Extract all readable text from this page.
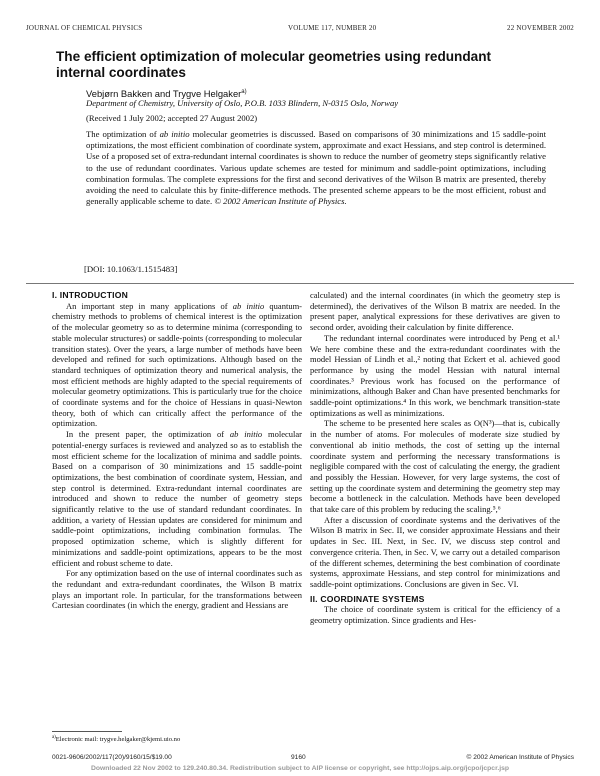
JOURNAL OF CHEMICAL PHYSICS	VOLUME 117, NUMBER 20	22 NOVEMBER 2002
The efficient optimization of molecular geometries using redundant
internal coordinates
Vebjørn Bakken and Trygve Helgaker$^{a)}$
Department of Chemistry, University of Oslo, P.O.B. 1033 Blindern, N-0315 Oslo, Norway
(Received 1 July 2002; accepted 27 August 2002)
The optimization of ab initio molecular geometries is discussed. Based on comparisons of 30 minimizations and 15 saddle-point optimizations, the most efficient combination of coordinate system, approximate and exact Hessians, and step control is determined. Use of a proposed set of extra-redundant internal coordinates is shown to reduce the number of geometry steps significantly relative to the use of redundant coordinates. Various update schemes are tested for minimum and saddle-point optimizations, including combination formulas. The complete expressions for the first and second derivatives of the Wilson B matrix are presented, thereby avoiding the need to calculate this by finite-difference methods. The presented scheme appears to be the most efficient, robust and generally applicable scheme to date. © 2002 American Institute of Physics.
[DOI: 10.1063/1.1515483]

I. INTRODUCTION

An important step in many applications of ab initio quantum-chemistry methods to problems of chemical interest is the optimization of the molecular geometry so as to determine minima (corresponding to stable molecular structures) or saddle-points (corresponding to molecular transition states). Over the years, a large number of methods have been developed and refined for such optimizations. Although based on the standard techniques of optimization theory and numerical analysis, the most efficient methods are highly adapted to the special requirements of molecular geometry optimizations. This is particularly true for the choice of coordinate systems and for the choice of Hessians in quasi-Newton theory, both of which can critically affect the performance of the optimization.

In the present paper, the optimization of ab initio molecular potential-energy surfaces is reviewed and analyzed so as to establish the most efficient scheme for the localization of minima and saddle points. Based on a comparison of 30 minimizations and 15 saddle-point optimizations, the best combination of coordinate system, Hessian, and step control is determined. Extra-redundant internal coordinates are introduced and shown to reduce the number of geometry steps significantly relative to the use of standard redundant coordinates. In addition, a variety of Hessian updates are considered for minimum and saddle-point optimizations, including combination formulas. The proposed optimization scheme, which is slightly different for minimizations and saddle-point optimizations, appears to be the most efficient and robust scheme to date.

For any optimization based on the use of internal coordinates such as the redundant and extra-redundant coordinates, the Wilson B matrix plays an important role. In particular, for the transformations between Cartesian coordinates (in which the energy, gradient and Hessians are

calculated) and the internal coordinates (in which the geometry step is determined), the derivatives of the Wilson B matrix are needed. In the present paper, analytical expressions for these derivatives are given to second order, avoiding their calculation by finite difference.

The redundant internal coordinates were introduced by Peng et al.¹ We here combine these and the extra-redundant coordinates with the model Hessian of Lindh et al.,² noting that Eckert et al. achieved good performance by using the model Hessian with natural internal coordinates.³ Previous work has focused on the performance of minimizations, although Baker and Chan have presented benchmarks for saddle-point optimizations.⁴ In this work, we benchmark transition-state optimizations as well as minimizations.

The scheme to be presented here scales as O(N³)—that is, cubically in the number of atoms. For molecules of moderate size studied by conventional ab initio methods, the cost of setting up the internal coordinate system and performing the necessary transformations is negligible compared with the cost of calculating the energy, the gradient and possibly the Hessian. However, for very large systems, the cost of setting up the coordinate system and determining the geometry step may become a bottleneck in the calculation. Methods have been developed that take care of this problem by reducing the scaling.⁵,⁶

After a discussion of coordinate systems and the derivatives of the Wilson B matrix in Sec. II, we consider approximate Hessians and their updates in Sec. III. Next, in Sec. IV, we discuss step control and convergence criteria. Then, in Sec. V, we carry out a detailed comparison of the different schemes, determining the best combination of coordinate systems, approximate Hessians, and step control for minimizations and saddle-point optimizations. Conclusions are given in Sec. VI.

II. COORDINATE SYSTEMS

The choice of coordinate system is critical for the efficiency of a geometry optimization. Since gradients and Hes-

$^{a)}$Electronic mail: trygve.helgaker@kjemi.uio.no
0021-9606/2002/117(20)/9160/15/$19.00	9160	© 2002 American Institute of Physics
Downloaded 22 Nov 2002 to 129.240.80.34. Redistribution subject to AIP license or copyright, see http://ojps.aip.org/jcpo/jcpcr.jsp
